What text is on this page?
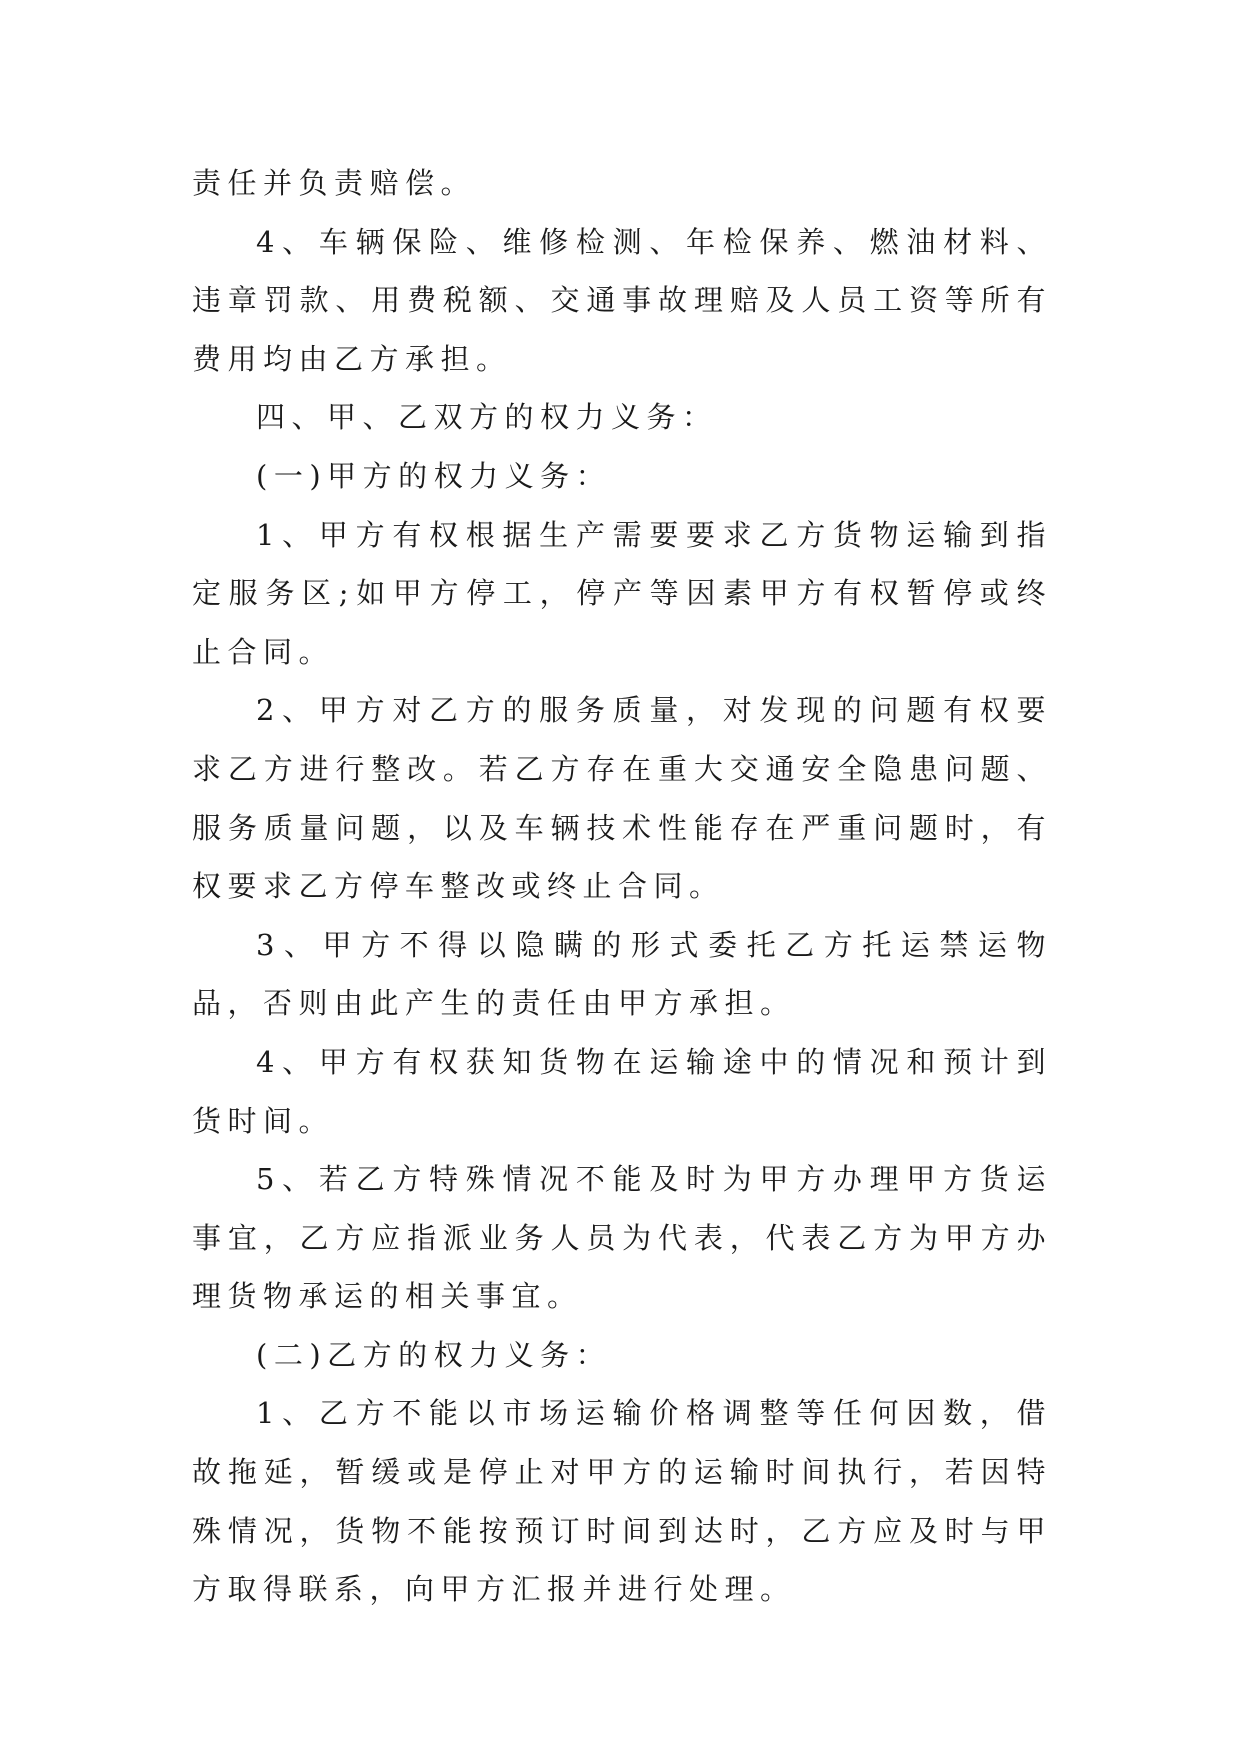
责任并负责赔偿。

4、车辆保险、维修检测、年检保养、燃油材料、违章罚款、用费税额、交通事故理赔及人员工资等所有费用均由乙方承担。

四、甲、乙双方的权力义务：

(一)甲方的权力义务：

1、甲方有权根据生产需要要求乙方货物运输到指定服务区;如甲方停工，停产等因素甲方有权暂停或终止合同。

2、甲方对乙方的服务质量，对发现的问题有权要求乙方进行整改。若乙方存在重大交通安全隐患问题、服务质量问题，以及车辆技术性能存在严重问题时，有权要求乙方停车整改或终止合同。

3、甲方不得以隐瞒的形式委托乙方托运禁运物品，否则由此产生的责任由甲方承担。

4、甲方有权获知货物在运输途中的情况和预计到货时间。

5、若乙方特殊情况不能及时为甲方办理甲方货运事宜，乙方应指派业务人员为代表，代表乙方为甲方办理货物承运的相关事宜。

(二)乙方的权力义务：

1、乙方不能以市场运输价格调整等任何因数，借故拖延，暂缓或是停止对甲方的运输时间执行，若因特殊情况，货物不能按预订时间到达时，乙方应及时与甲方取得联系，向甲方汇报并进行处理。
